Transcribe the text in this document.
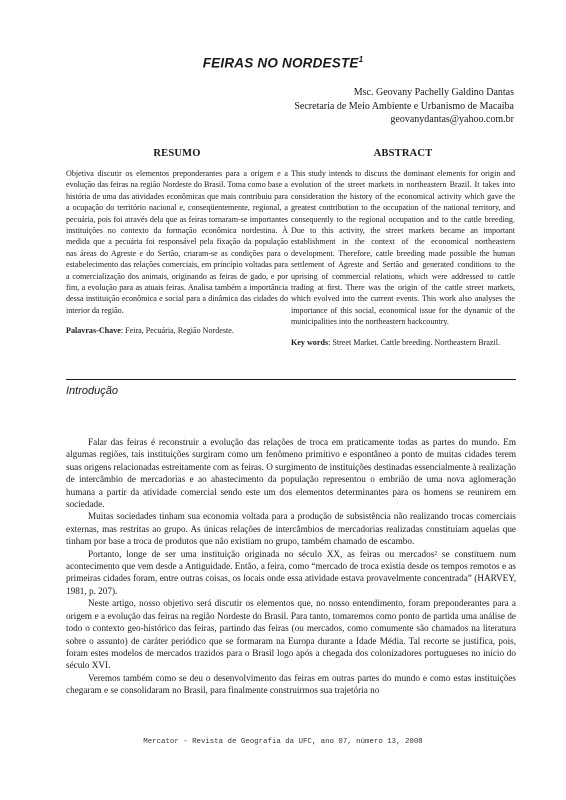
FEIRAS NO NORDESTE$^1$
Msc. Geovany Pachelly Galdino Dantas
Secretaria de Meio Ambiente e Urbanismo de Macaíba
geovanydantas@yahoo.com.br
RESUMO

Objetiva discutir os elementos preponderantes para a origem e a evolução das feiras na região Nordeste do Brasil. Toma como base a história de uma das atividades econômicas que mais contribuiu para a ocupação do território nacional e, conseqüentemente, regional, a pecuária, pois foi através dela que as feiras tornaram-se importantes instituições no contexto da formação econômica nordestina. À medida que a pecuária foi responsável pela fixação da população nas áreas do Agreste e do Sertão, criaram-se as condições para o estabelecimento das relações comerciais, em princípio voltadas para a comercialização dos animais, originando as feiras de gado, e por fim, a evolução para as atuais feiras. Analisa também a importância dessa instituição econômica e social para a dinâmica das cidades do interior da região.

Palavras-Chave: Feira, Pecuária, Região Nordeste.

ABSTRACT

This study intends to discuss the dominant elements for origin and evolution of the street markets in northeastern Brazil. It takes into consideration the history of the economical activity which gave the greatest contribution to the occupation of the national territory, and consequently to the regional occupation and to the cattle breeding. Due to this activity, the street markets became an important establishment in the context of the economical northeastern development. Therefore, cattle breeding made possible the human settlement of Agreste and Sertão and generated conditions to the uprising of commercial relations, which were addressed to cattle trading at first. There was the origin of the cattle street markets, which evolved into the current events. This work also analyses the importance of this social, economical issue for the dynamic of the municipalities into the northeastern backcountry.

Key words: Street Market. Cattle breeding. Northeastern Brazil.

Introdução

Falar das feiras é reconstruir a evolução das relações de troca em praticamente todas as partes do mundo. Em algumas regiões, tais instituições surgiram como um fenômeno primitivo e espontâneo a ponto de muitas cidades terem suas origens relacionadas estreitamente com as feiras. O surgimento de instituições destinadas essencialmente à realização de intercâmbio de mercadorias e ao abastecimento da população representou o embrião de uma nova aglomeração humana a partir da atividade comercial sendo este um dos elementos determinantes para os homens se reunirem em sociedade.

Muitas sociedades tinham sua economia voltada para a produção de subsistência não realizando trocas comerciais externas, mas restritas ao grupo. As únicas relações de intercâmbios de mercadorias realizadas constituíam aquelas que tinham por base a troca de produtos que não existiam no grupo, também chamado de escambo.

Portanto, longe de ser uma instituição originada no século XX, as feiras ou mercados² se constituem num acontecimento que vem desde a Antiguidade. Então, a feira, como “mercado de troca existia desde os tempos remotos e as primeiras cidades foram, entre outras coisas, os locais onde essa atividade estava provavelmente concentrada” (HARVEY, 1981, p. 207).

Neste artigo, nosso objetivo será discutir os elementos que, no nosso entendimento, foram preponderantes para a origem e a evolução das feiras na região Nordeste do Brasil. Para tanto, tomaremos como ponto de partida uma análise de todo o contexto geo-histórico das feiras, partindo das feiras (ou mercados, como comumente são chamados na literatura sobre o assunto) de caráter periódico que se formaram na Europa durante a Idade Média. Tal recorte se justifica, pois, foram estes modelos de mercados trazidos para o Brasil logo após a chegada dos colonizadores portugueses no início do século XVI.

Veremos também como se deu o desenvolvimento das feiras em outras partes do mundo e como estas instituições chegaram e se consolidaram no Brasil, para finalmente construirmos sua trajetória no

Mercator - Revista de Geografia da UFC, ano 07, número 13, 2008
